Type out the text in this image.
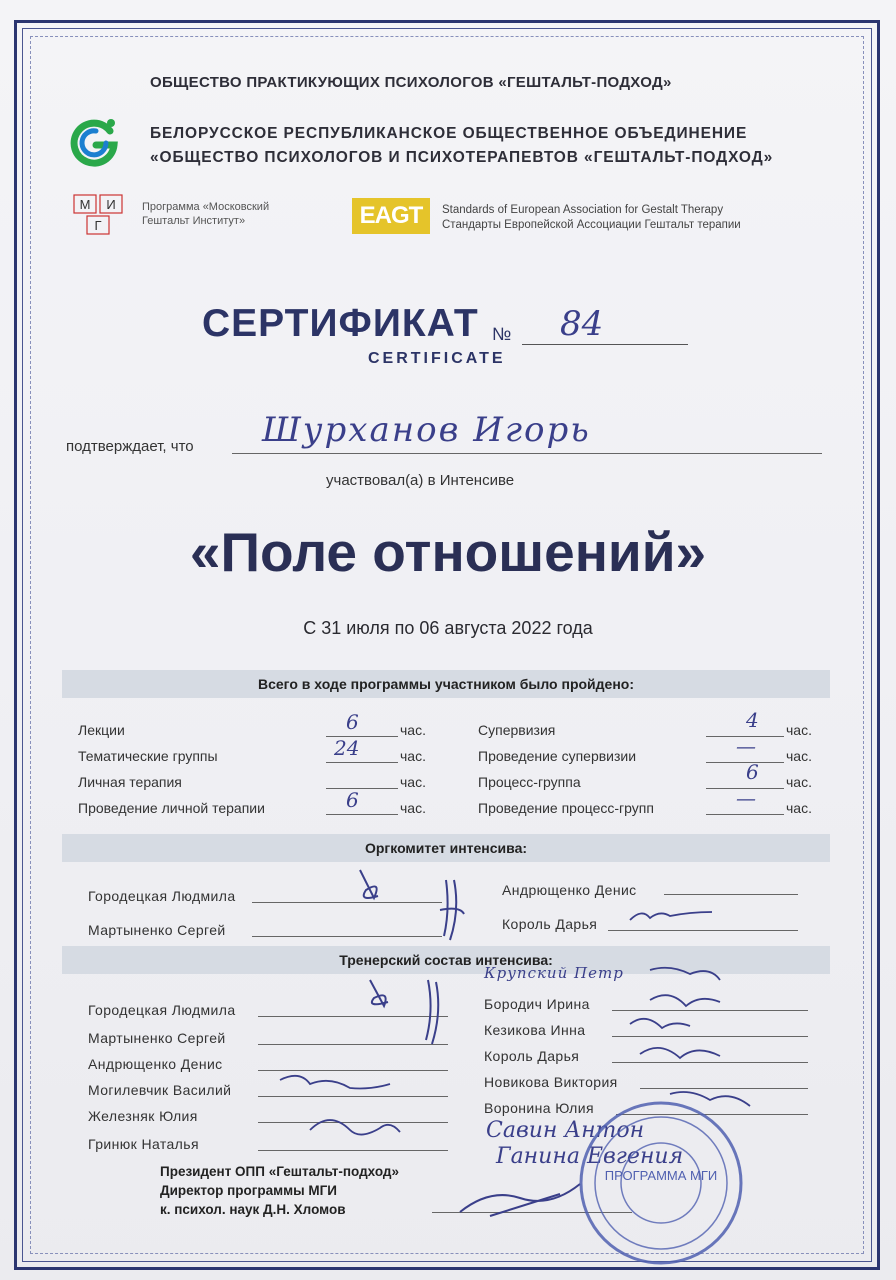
ОБЩЕСТВО ПРАКТИКУЮЩИХ ПСИХОЛОГОВ «ГЕШТАЛЬТ-ПОДХОД»
БЕЛОРУССКОЕ РЕСПУБЛИКАНСКОЕ ОБЩЕСТВЕННОЕ ОБЪЕДИНЕНИЕ
«ОБЩЕСТВО ПСИХОЛОГОВ И ПСИХОТЕРАПЕВТОВ «ГЕШТАЛЬТ-ПОДХОД»
М И
Г
Программа «Московский
Гештальт Институт»	EAGT	Standards of European Association for Gestalt Therapy
Стандарты Европейской Ассоциации Гештальт терапии
СЕРТИФИКАТ № 84
CERTIFICATE
подтверждает, что Шурханов Игорь
участвовал(а) в Интенсиве
«Поле отношений»
С 31 июля по 06 августа 2022 года
Всего в ходе программы участником было пройдено:
Лекции	6	час.
Тематические группы	24	час.
Личная терапия	час.
Проведение личной терапии	6	час.
Супервизия	4 час.
Проведение супервизии	— час.
Процесс-группа	6 час.
Проведение процесс-групп	— час.
Оргкомитет интенсива:
Городецкая Людмила
Мартыненко Сергей
Андрющенко Денис
Король Дарья
Тренерский состав интенсива:
Городецкая Людмила
Мартыненко Сергей
Андрющенко Денис
Могилевчик Василий
Железняк Юлия
Гринюк Наталья
Крупский Петр
Бородич Ирина
Кезикова Инна
Король Дарья
Новикова Виктория
Воронина Юлия
Савин Антон
Ганина Евгения
Президент ОПП «Гештальт-подход»
Директор программы МГИ
к. психол. наук Д.Н. Хломов
ПРОГРАММА МГИ
